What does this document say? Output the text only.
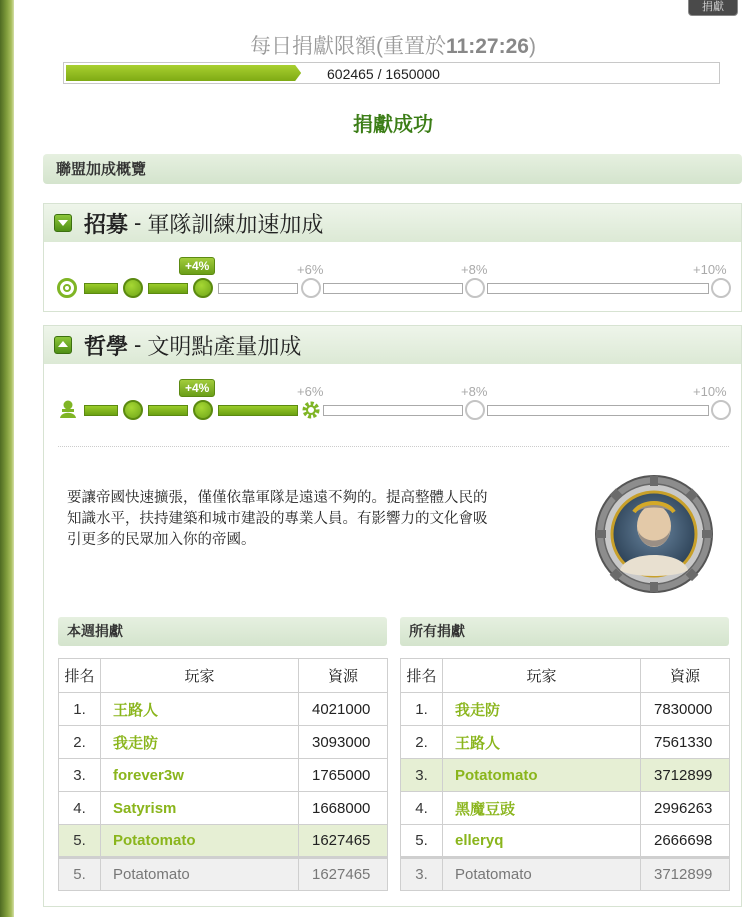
捐獻
每日捐獻限額(重置於11:27:26)
602465 / 1650000
捐獻成功
聯盟加成概覽
招募 - 軍隊訓練加速加成
+4%	+6%	+8%	+10%
哲學 - 文明點產量加成
+4%	+6%	+8%	+10%
要讓帝國快速擴張，僅僅依靠軍隊是遠遠不夠的。提高整體人民的
知識水平，扶持建築和城市建設的專業人員。有影響力的文化會吸
引更多的民眾加入你的帝國。
本週捐獻
排名	玩家	資源
1.	王路人	4021000
2.	我走防	3093000
3.	forever3w	1765000
4.	Satyrism	1668000
5.	Potatomato	1627465
5.	Potatomato	1627465
所有捐獻
排名	玩家	資源
1.	我走防	7830000
2.	王路人	7561330
3.	Potatomato	3712899
4.	黑魔豆豉	2996263
5.	elleryq	2666698
3.	Potatomato	3712899
